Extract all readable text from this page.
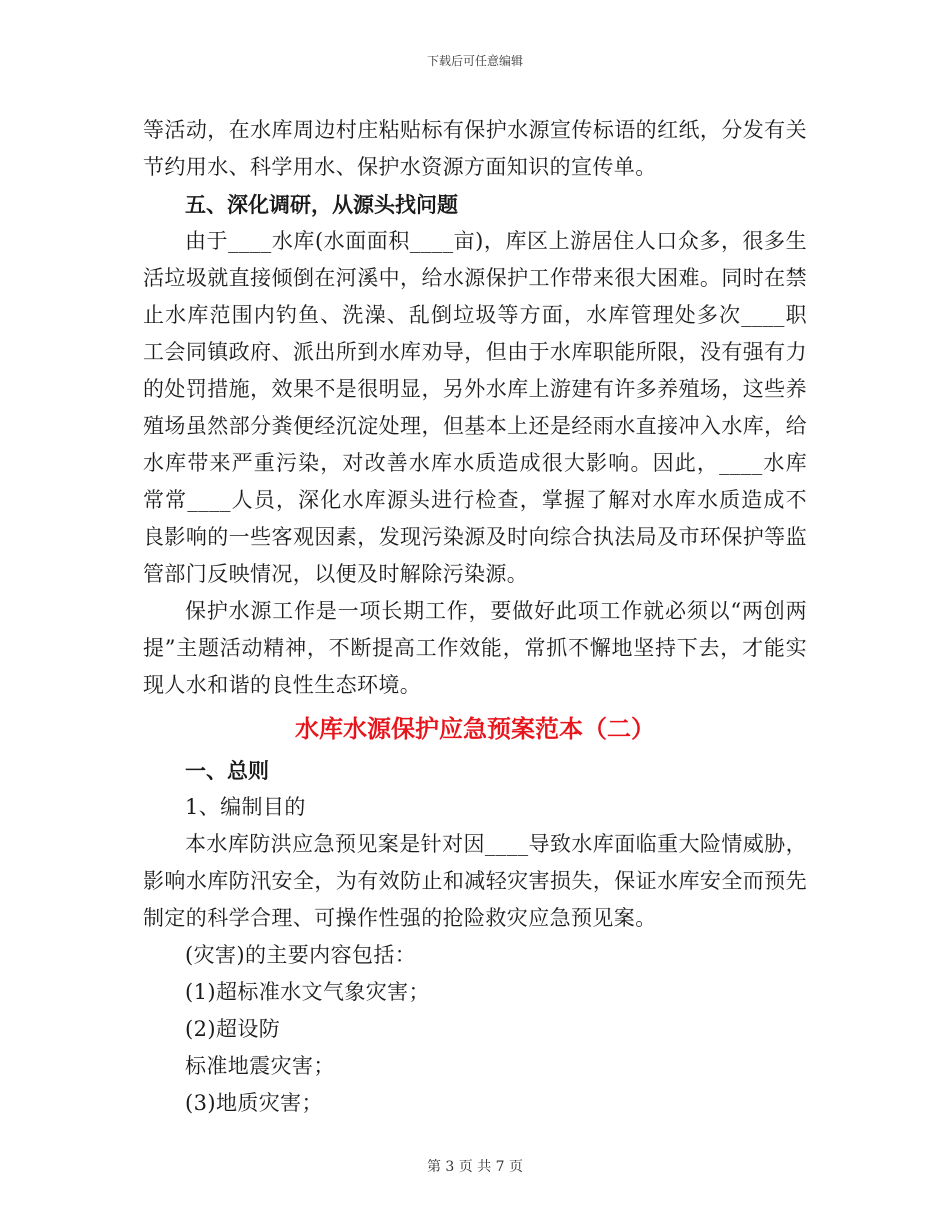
下载后可任意编辑

等活动，在水库周边村庄粘贴标有保护水源宣传标语的红纸，分发有关节约用水、科学用水、保护水资源方面知识的宣传单。

五、深化调研，从源头找问题

由于____水库(水面面积____亩)，库区上游居住人口众多，很多生活垃圾就直接倾倒在河溪中，给水源保护工作带来很大困难。同时在禁止水库范围内钓鱼、洗澡、乱倒垃圾等方面，水库管理处多次____职工会同镇政府、派出所到水库劝导，但由于水库职能所限，没有强有力的处罚措施，效果不是很明显，另外水库上游建有许多养殖场，这些养殖场虽然部分粪便经沉淀处理，但基本上还是经雨水直接冲入水库，给水库带来严重污染，对改善水库水质造成很大影响。因此，____水库常常____人员，深化水库源头进行检查，掌握了解对水库水质造成不良影响的一些客观因素，发现污染源及时向综合执法局及市环保护等监管部门反映情况，以便及时解除污染源。

保护水源工作是一项长期工作，要做好此项工作就必须以“两创两提”主题活动精神，不断提高工作效能，常抓不懈地坚持下去，才能实现人水和谐的良性生态环境。

水库水源保护应急预案范本（二）

一、总则

1、编制目的

本水库防洪应急预见案是针对因____导致水库面临重大险情威胁，影响水库防汛安全，为有效防止和减轻灾害损失，保证水库安全而预先制定的科学合理、可操作性强的抢险救灾应急预见案。

(灾害)的主要内容包括：

(1)超标准水文气象灾害；

(2)超设防

标准地震灾害；

(3)地质灾害；

第 3 页 共 7 页
